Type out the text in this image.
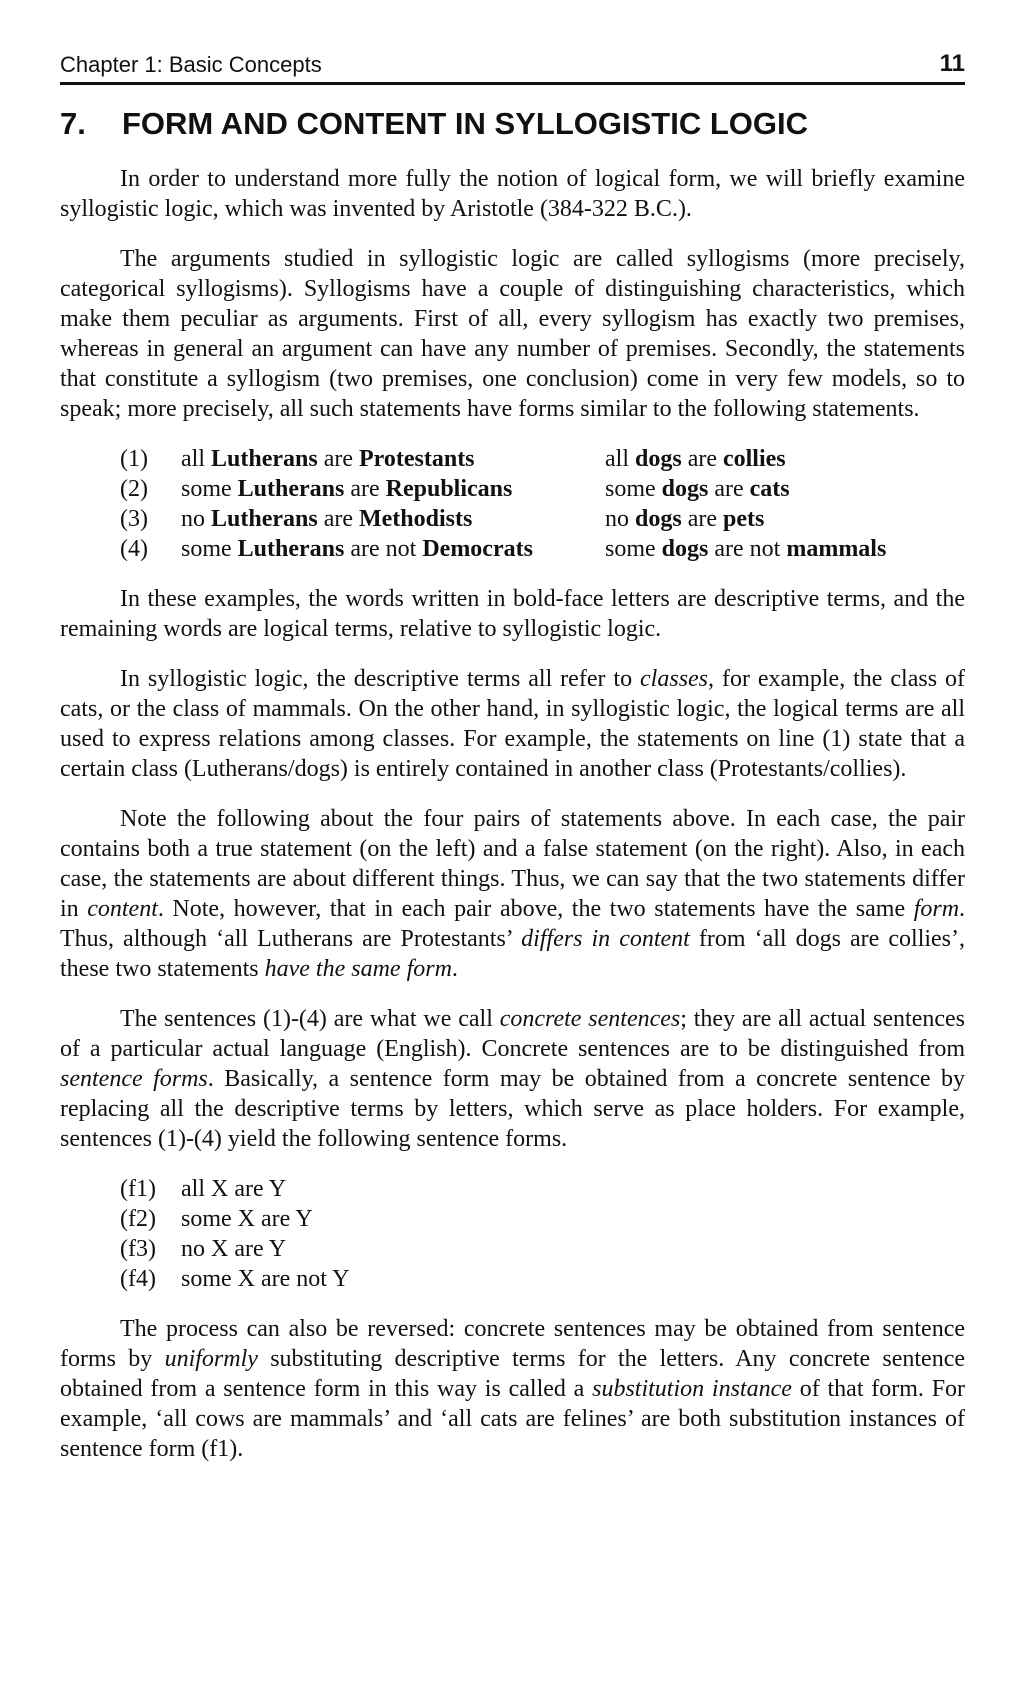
Chapter 1: Basic Concepts	11
7. FORM AND CONTENT IN SYLLOGISTIC LOGIC

In order to understand more fully the notion of logical form, we will briefly examine syllogistic logic, which was invented by Aristotle (384-322 B.C.).

The arguments studied in syllogistic logic are called syllogisms (more precisely, categorical syllogisms). Syllogisms have a couple of distinguishing characteristics, which make them peculiar as arguments. First of all, every syllogism has exactly two premises, whereas in general an argument can have any number of premises. Secondly, the statements that constitute a syllogism (two premises, one conclusion) come in very few models, so to speak; more precisely, all such statements have forms similar to the following statements.

(1)	all Lutherans are Protestants	all dogs are collies
(2)	some Lutherans are Republicans	some dogs are cats
(3)	no Lutherans are Methodists	no dogs are pets
(4)	some Lutherans are not Democrats	some dogs are not mammals

In these examples, the words written in bold-face letters are descriptive terms, and the remaining words are logical terms, relative to syllogistic logic.

In syllogistic logic, the descriptive terms all refer to classes, for example, the class of cats, or the class of mammals. On the other hand, in syllogistic logic, the logical terms are all used to express relations among classes. For example, the statements on line (1) state that a certain class (Lutherans/dogs) is entirely contained in another class (Protestants/collies).

Note the following about the four pairs of statements above. In each case, the pair contains both a true statement (on the left) and a false statement (on the right). Also, in each case, the statements are about different things. Thus, we can say that the two statements differ in content. Note, however, that in each pair above, the two statements have the same form. Thus, although ‘all Lutherans are Protestants’ differs in content from ‘all dogs are collies’, these two statements have the same form.

The sentences (1)-(4) are what we call concrete sentences; they are all actual sentences of a particular actual language (English). Concrete sentences are to be distinguished from sentence forms. Basically, a sentence form may be obtained from a concrete sentence by replacing all the descriptive terms by letters, which serve as place holders. For example, sentences (1)-(4) yield the following sentence forms.

(f1)	all X are Y
(f2)	some X are Y
(f3)	no X are Y
(f4)	some X are not Y

The process can also be reversed: concrete sentences may be obtained from sentence forms by uniformly substituting descriptive terms for the letters. Any concrete sentence obtained from a sentence form in this way is called a substitution instance of that form. For example, ‘all cows are mammals’ and ‘all cats are felines’ are both substitution instances of sentence form (f1).
